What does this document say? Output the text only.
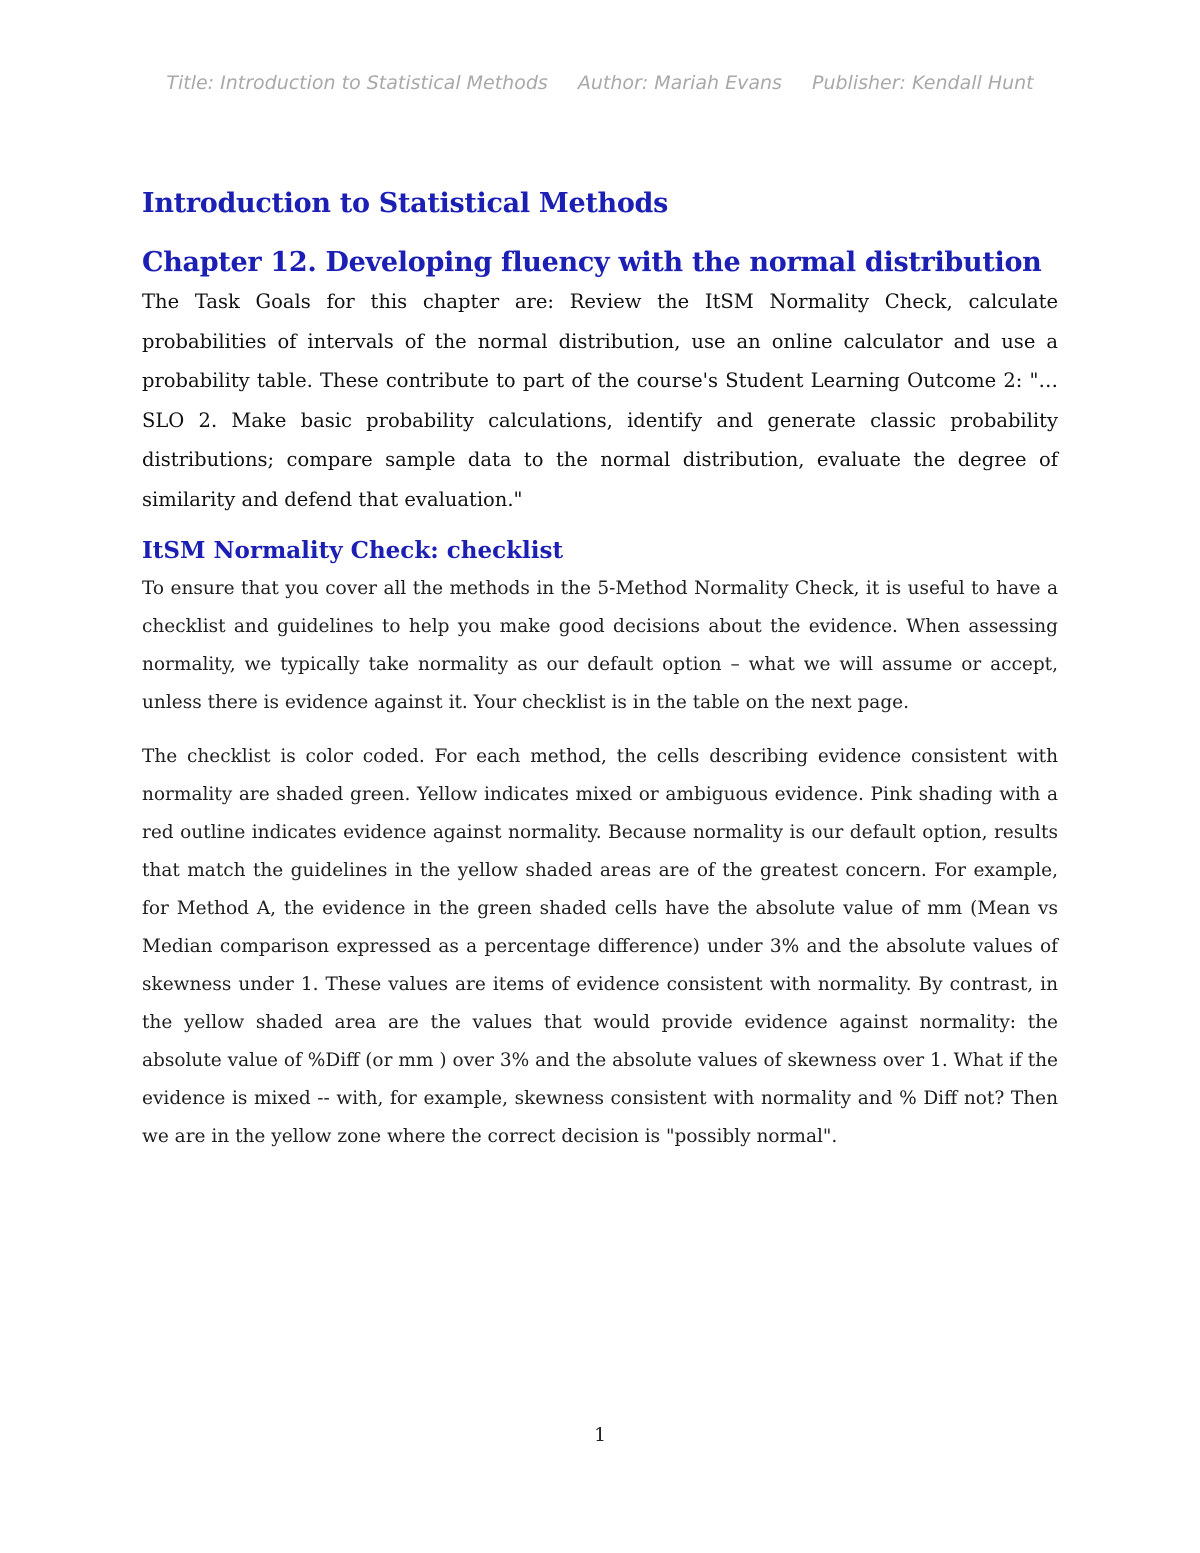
Title: Introduction to Statistical Methods Author: Mariah Evans Publisher: Kendall Hunt
Introduction to Statistical Methods
Chapter 12. Developing fluency with the normal distribution

The Task Goals for this chapter are: Review the ItSM Normality Check, calculate probabilities of intervals of the normal distribution, use an online calculator and use a probability table. These contribute to part of the course's Student Learning Outcome 2: "…SLO 2. Make basic probability calculations, identify and generate classic probability distributions; compare sample data to the normal distribution, evaluate the degree of similarity and defend that evaluation."

ItSM Normality Check: checklist

To ensure that you cover all the methods in the 5-Method Normality Check, it is useful to have a checklist and guidelines to help you make good decisions about the evidence. When assessing normality, we typically take normality as our default option – what we will assume or accept, unless there is evidence against it. Your checklist is in the table on the next page.

The checklist is color coded. For each method, the cells describing evidence consistent with normality are shaded green. Yellow indicates mixed or ambiguous evidence. Pink shading with a red outline indicates evidence against normality. Because normality is our default option, results that match the guidelines in the yellow shaded areas are of the greatest concern. For example, for Method A, the evidence in the green shaded cells have the absolute value of mm (Mean vs Median comparison expressed as a percentage difference) under 3% and the absolute values of skewness under 1. These values are items of evidence consistent with normality. By contrast, in the yellow shaded area are the values that would provide evidence against normality: the absolute value of %Diff (or mm ) over 3% and the absolute values of skewness over 1. What if the evidence is mixed -- with, for example, skewness consistent with normality and % Diff not? Then we are in the yellow zone where the correct decision is "possibly normal".

1
